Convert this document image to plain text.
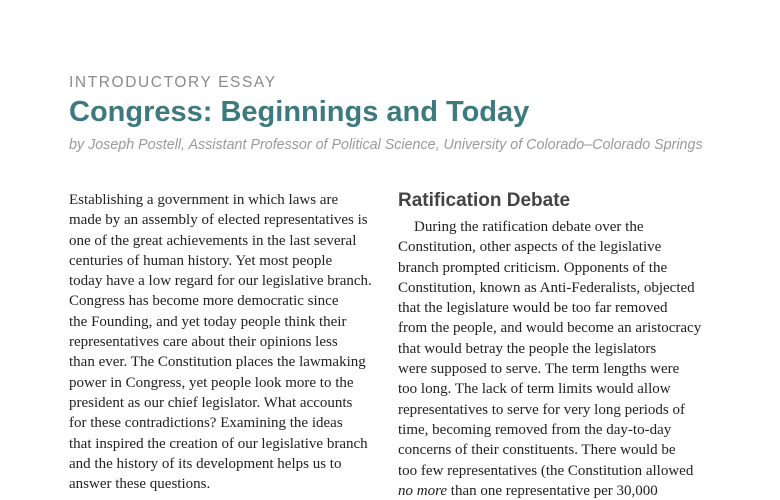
INTRODUCTORY ESSAY
Congress: Beginnings and Today
by Joseph Postell, Assistant Professor of Political Science, University of Colorado–Colorado Springs
Establishing a government in which laws are
made by an assembly of elected representatives is
one of the great achievements in the last several
centuries of human history. Yet most people
today have a low regard for our legislative branch.
Congress has become more democratic since
the Founding, and yet today people think their
representatives care about their opinions less
than ever. The Constitution places the lawmaking
power in Congress, yet people look more to the
president as our chief legislator. What accounts
for these contradictions? Examining the ideas
that inspired the creation of our legislative branch
and the history of its development helps us to
answer these questions.
Ratification Debate
During the ratification debate over the
Constitution, other aspects of the legislative
branch prompted criticism. Opponents of the
Constitution, known as Anti-Federalists, objected
that the legislature would be too far removed
from the people, and would become an aristocracy
that would betray the people the legislators
were supposed to serve. The term lengths were
too long. The lack of term limits would allow
representatives to serve for very long periods of
time, becoming removed from the day-to-day
concerns of their constituents. There would be
too few representatives (the Constitution allowed
no more than one representative per 30,000
